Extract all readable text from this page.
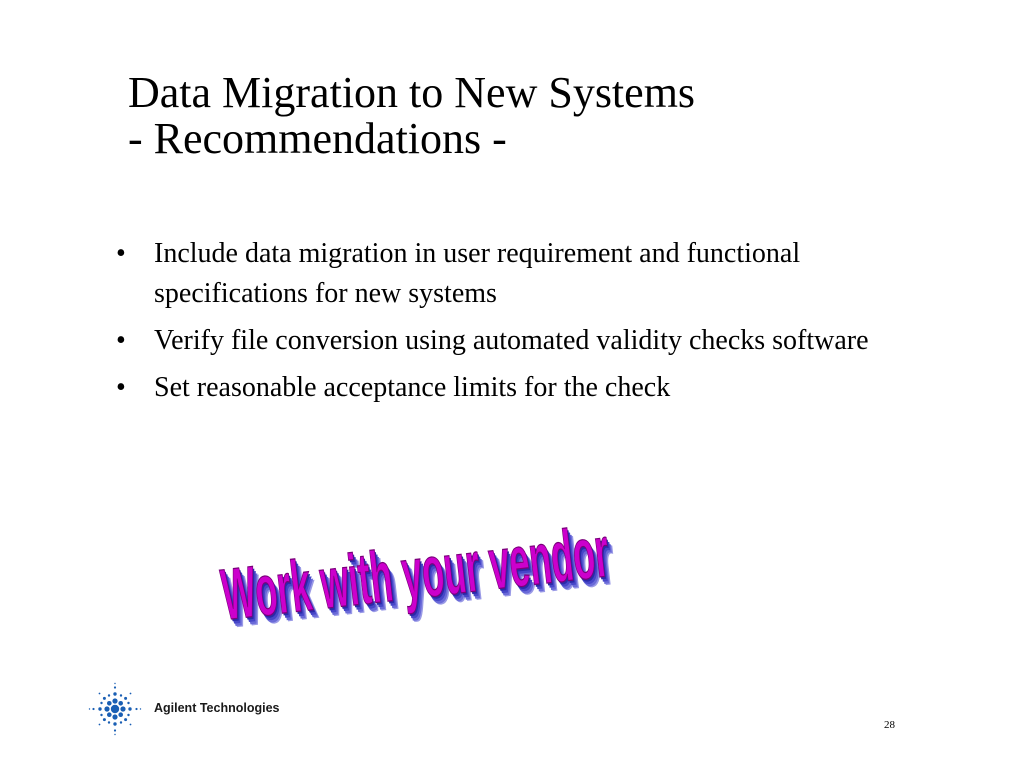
Data Migration to New Systems
- Recommendations -
• Include data migration in user requirement and functional specifications for new systems
• Verify file conversion using automated validity checks software
• Set reasonable acceptance limits for the check
Work with your vendor
Agilent Technologies
28
